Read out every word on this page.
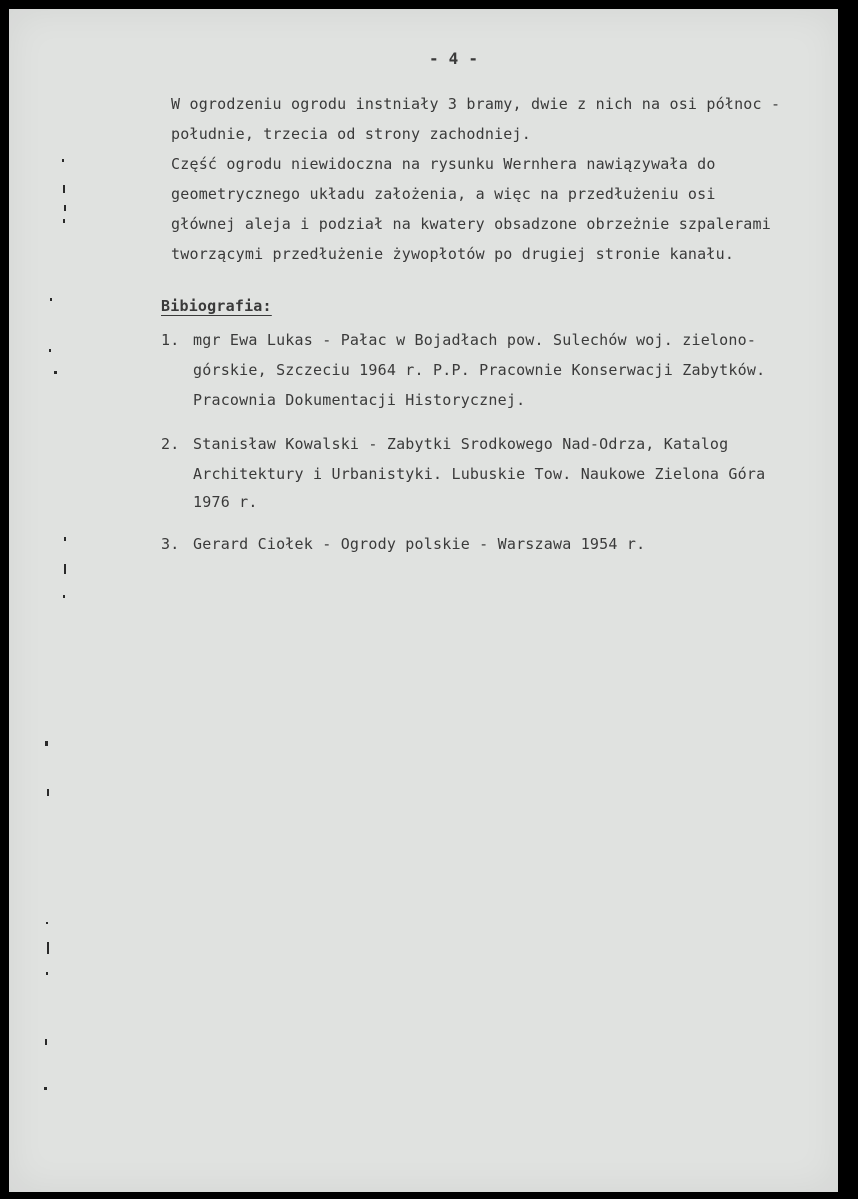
- 4 -
W ogrodzeniu ogrodu instniały 3 bramy, dwie z nich na osi północ -
południe, trzecia od strony zachodniej.
Część ogrodu niewidoczna na rysunku Wernhera nawiązywała do
geometrycznego układu założenia, a więc na przedłużeniu osi
głównej aleja i podział na kwatery obsadzone obrzeżnie szpalerami
tworzącymi przedłużenie żywopłotów po drugiej stronie kanału.
Bibiografia:
1. mgr Ewa Lukas - Pałac w Bojadłach pow. Sulechów woj. zielono-
górskie, Szczeciu 1964 r. P.P. Pracownie Konserwacji Zabytków.
Pracownia Dokumentacji Historycznej.
2. Stanisław Kowalski - Zabytki Srodkowego Nad-Odrza, Katalog
Architektury i Urbanistyki. Lubuskie Tow. Naukowe Zielona Góra
1976 r.
3. Gerard Ciołek - Ogrody polskie - Warszawa 1954 r.
